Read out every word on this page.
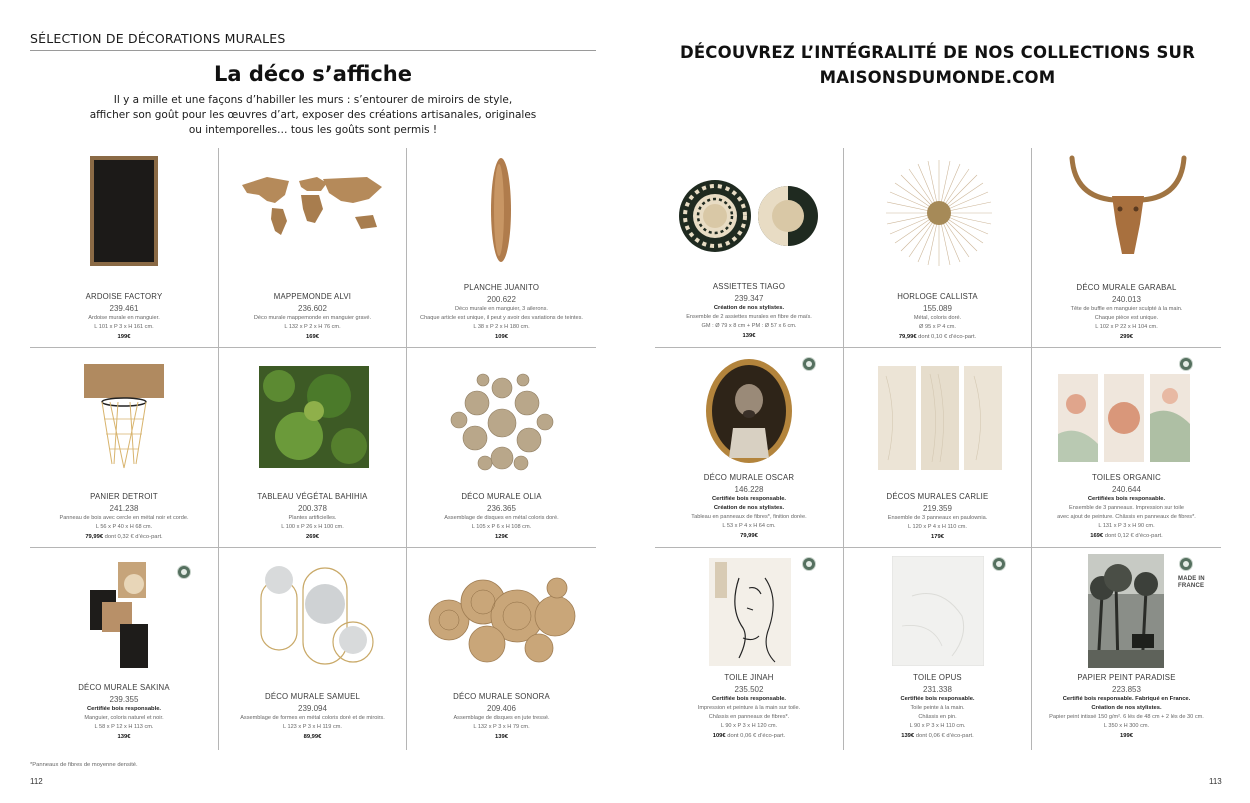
SÉLECTION DE DÉCORATIONS MURALES
La déco s’affiche
Il y a mille et une façons d’habiller les murs : s’entourer de miroirs de style,
afficher son goût pour les œuvres d’art, exposer des créations artisanales, originales
ou intemporelles… tous les goûts sont permis !
ARDOISE FACTORY
239.461
Ardoise murale en manguier.
L 101 x P 3 x H 161 cm.
199€
MAPPEMONDE ALVI
236.602
Déco murale mappemonde en manguier gravé.
L 132 x P 2 x H 76 cm.
169€
PLANCHE JUANITO
200.622
Déco murale en manguier, 3 ailerons.
Chaque article est unique, il peut y avoir des variations de teintes.
L 38 x P 2 x H 180 cm.
109€
PANIER DETROIT
241.238
Panneau de bois avec cercle en métal noir et corde.
L 56 x P 40 x H 68 cm.
79,99€ dont 0,32 € d’éco-part.
TABLEAU VÉGÉTAL BAHIHIA
200.378
Plantes artificielles.
L 100 x P 26 x H 100 cm.
269€
DÉCO MURALE OLIA
236.365
Assemblage de disques en métal coloris doré.
L 105 x P 6 x H 108 cm.
129€
DÉCO MURALE SAKINA
239.355
Certifiée bois responsable.
Manguier, coloris naturel et noir.
L 58 x P 12 x H 113 cm.
139€
DÉCO MURALE SAMUEL
239.094
Assemblage de formes en métal coloris doré et de miroirs.
L 123 x P 3 x H 119 cm.
89,99€
DÉCO MURALE SONORA
209.406
Assemblage de disques en jute tressé.
L 132 x P 3 x H 79 cm.
139€
*Panneaux de fibres de moyenne densité.
112
DÉCOUVREZ L’INTÉGRALITÉ DE NOS COLLECTIONS SUR
MAISONSDUMONDE.COM
ASSIETTES TIAGO
239.347
Création de nos stylistes.
Ensemble de 2 assiettes murales en fibre de maïs.
GM : Ø 79 x 8 cm + PM : Ø 57 x 6 cm.
139€
HORLOGE CALLISTA
155.089
Métal, coloris doré.
Ø 95 x P 4 cm.
79,99€ dont 0,10 € d’éco-part.
DÉCO MURALE GARABAL
240.013
Tête de buffle en manguier sculpté à la main.
Chaque pièce est unique.
L 102 x P 22 x H 104 cm.
299€
DÉCO MURALE OSCAR
146.228
Certifiée bois responsable.
Création de nos stylistes.
Tableau en panneaux de fibres*, finition dorée.
L 53 x P 4 x H 64 cm.
79,99€
DÉCOS MURALES CARLIE
219.359
Ensemble de 3 panneaux en paulownia.
L 120 x P 4 x H 110 cm.
179€
TOILES ORGANIC
240.644
Certifiées bois responsable.
Ensemble de 3 panneaux. Impression sur toile
avec ajout de peinture. Châssis en panneaux de fibres*.
L 131 x P 3 x H 90 cm.
169€ dont 0,12 € d’éco-part.
TOILE JINAH
235.502
Certifiée bois responsable.
Impression et peinture à la main sur toile.
Châssis en panneaux de fibres*.
L 90 x P 3 x H 120 cm.
109€ dont 0,06 € d’éco-part.
TOILE OPUS
231.338
Certifiée bois responsable.
Toile peinte à la main.
Châssis en pin.
L 90 x P 3 x H 110 cm.
139€ dont 0,06 € d’éco-part.
MADE IN
FRANCE
PAPIER PEINT PARADISE
223.853
Certifié bois responsable. Fabriqué en France.
Création de nos stylistes.
Papier peint intissé 150 g/m². 6 lés de 48 cm + 2 lés de 30 cm.
L 350 x H 300 cm.
199€
113
